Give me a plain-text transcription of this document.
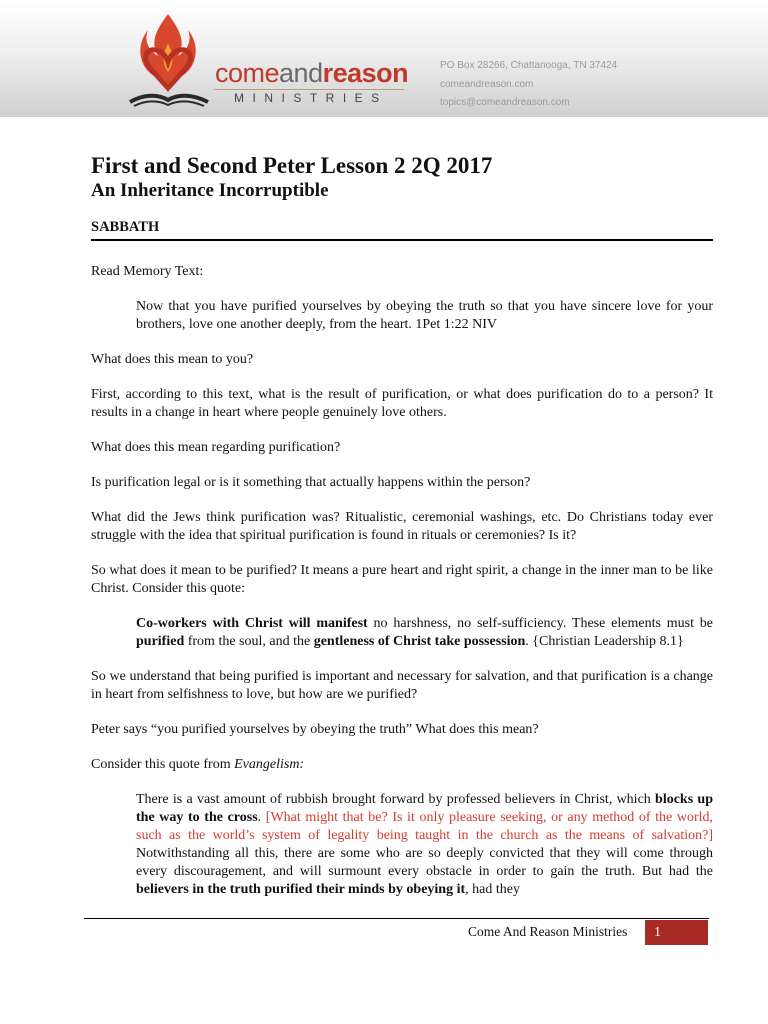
comeandreason
MINISTRIES
PO Box 28266, Chattanooga, TN 37424
comeandreason.com
topics@comeandreason.com
First and Second Peter Lesson 2 2Q 2017
An Inheritance Incorruptible
SABBATH

Read Memory Text:

Now that you have purified yourselves by obeying the truth so that you have sincere love for your brothers, love one another deeply, from the heart. 1Pet 1:22 NIV

What does this mean to you?

First, according to this text, what is the result of purification, or what does purification do to a person? It results in a change in heart where people genuinely love others.

What does this mean regarding purification?

Is purification legal or is it something that actually happens within the person?

What did the Jews think purification was? Ritualistic, ceremonial washings, etc. Do Christians today ever struggle with the idea that spiritual purification is found in rituals or ceremonies? Is it?

So what does it mean to be purified? It means a pure heart and right spirit, a change in the inner man to be like Christ. Consider this quote:

Co-workers with Christ will manifest no harshness, no self-sufficiency. These elements must be purified from the soul, and the gentleness of Christ take possession. {Christian Leadership 8.1}

So we understand that being purified is important and necessary for salvation, and that purification is a change in heart from selfishness to love, but how are we purified?

Peter says “you purified yourselves by obeying the truth” What does this mean?

Consider this quote from Evangelism:

There is a vast amount of rubbish brought forward by professed believers in Christ, which blocks up the way to the cross. [What might that be? Is it only pleasure seeking, or any method of the world, such as the world’s system of legality being taught in the church as the means of salvation?] Notwithstanding all this, there are some who are so deeply convicted that they will come through every discouragement, and will surmount every obstacle in order to gain the truth. But had the believers in the truth purified their minds by obeying it, had they

Come And Reason Ministries	1
